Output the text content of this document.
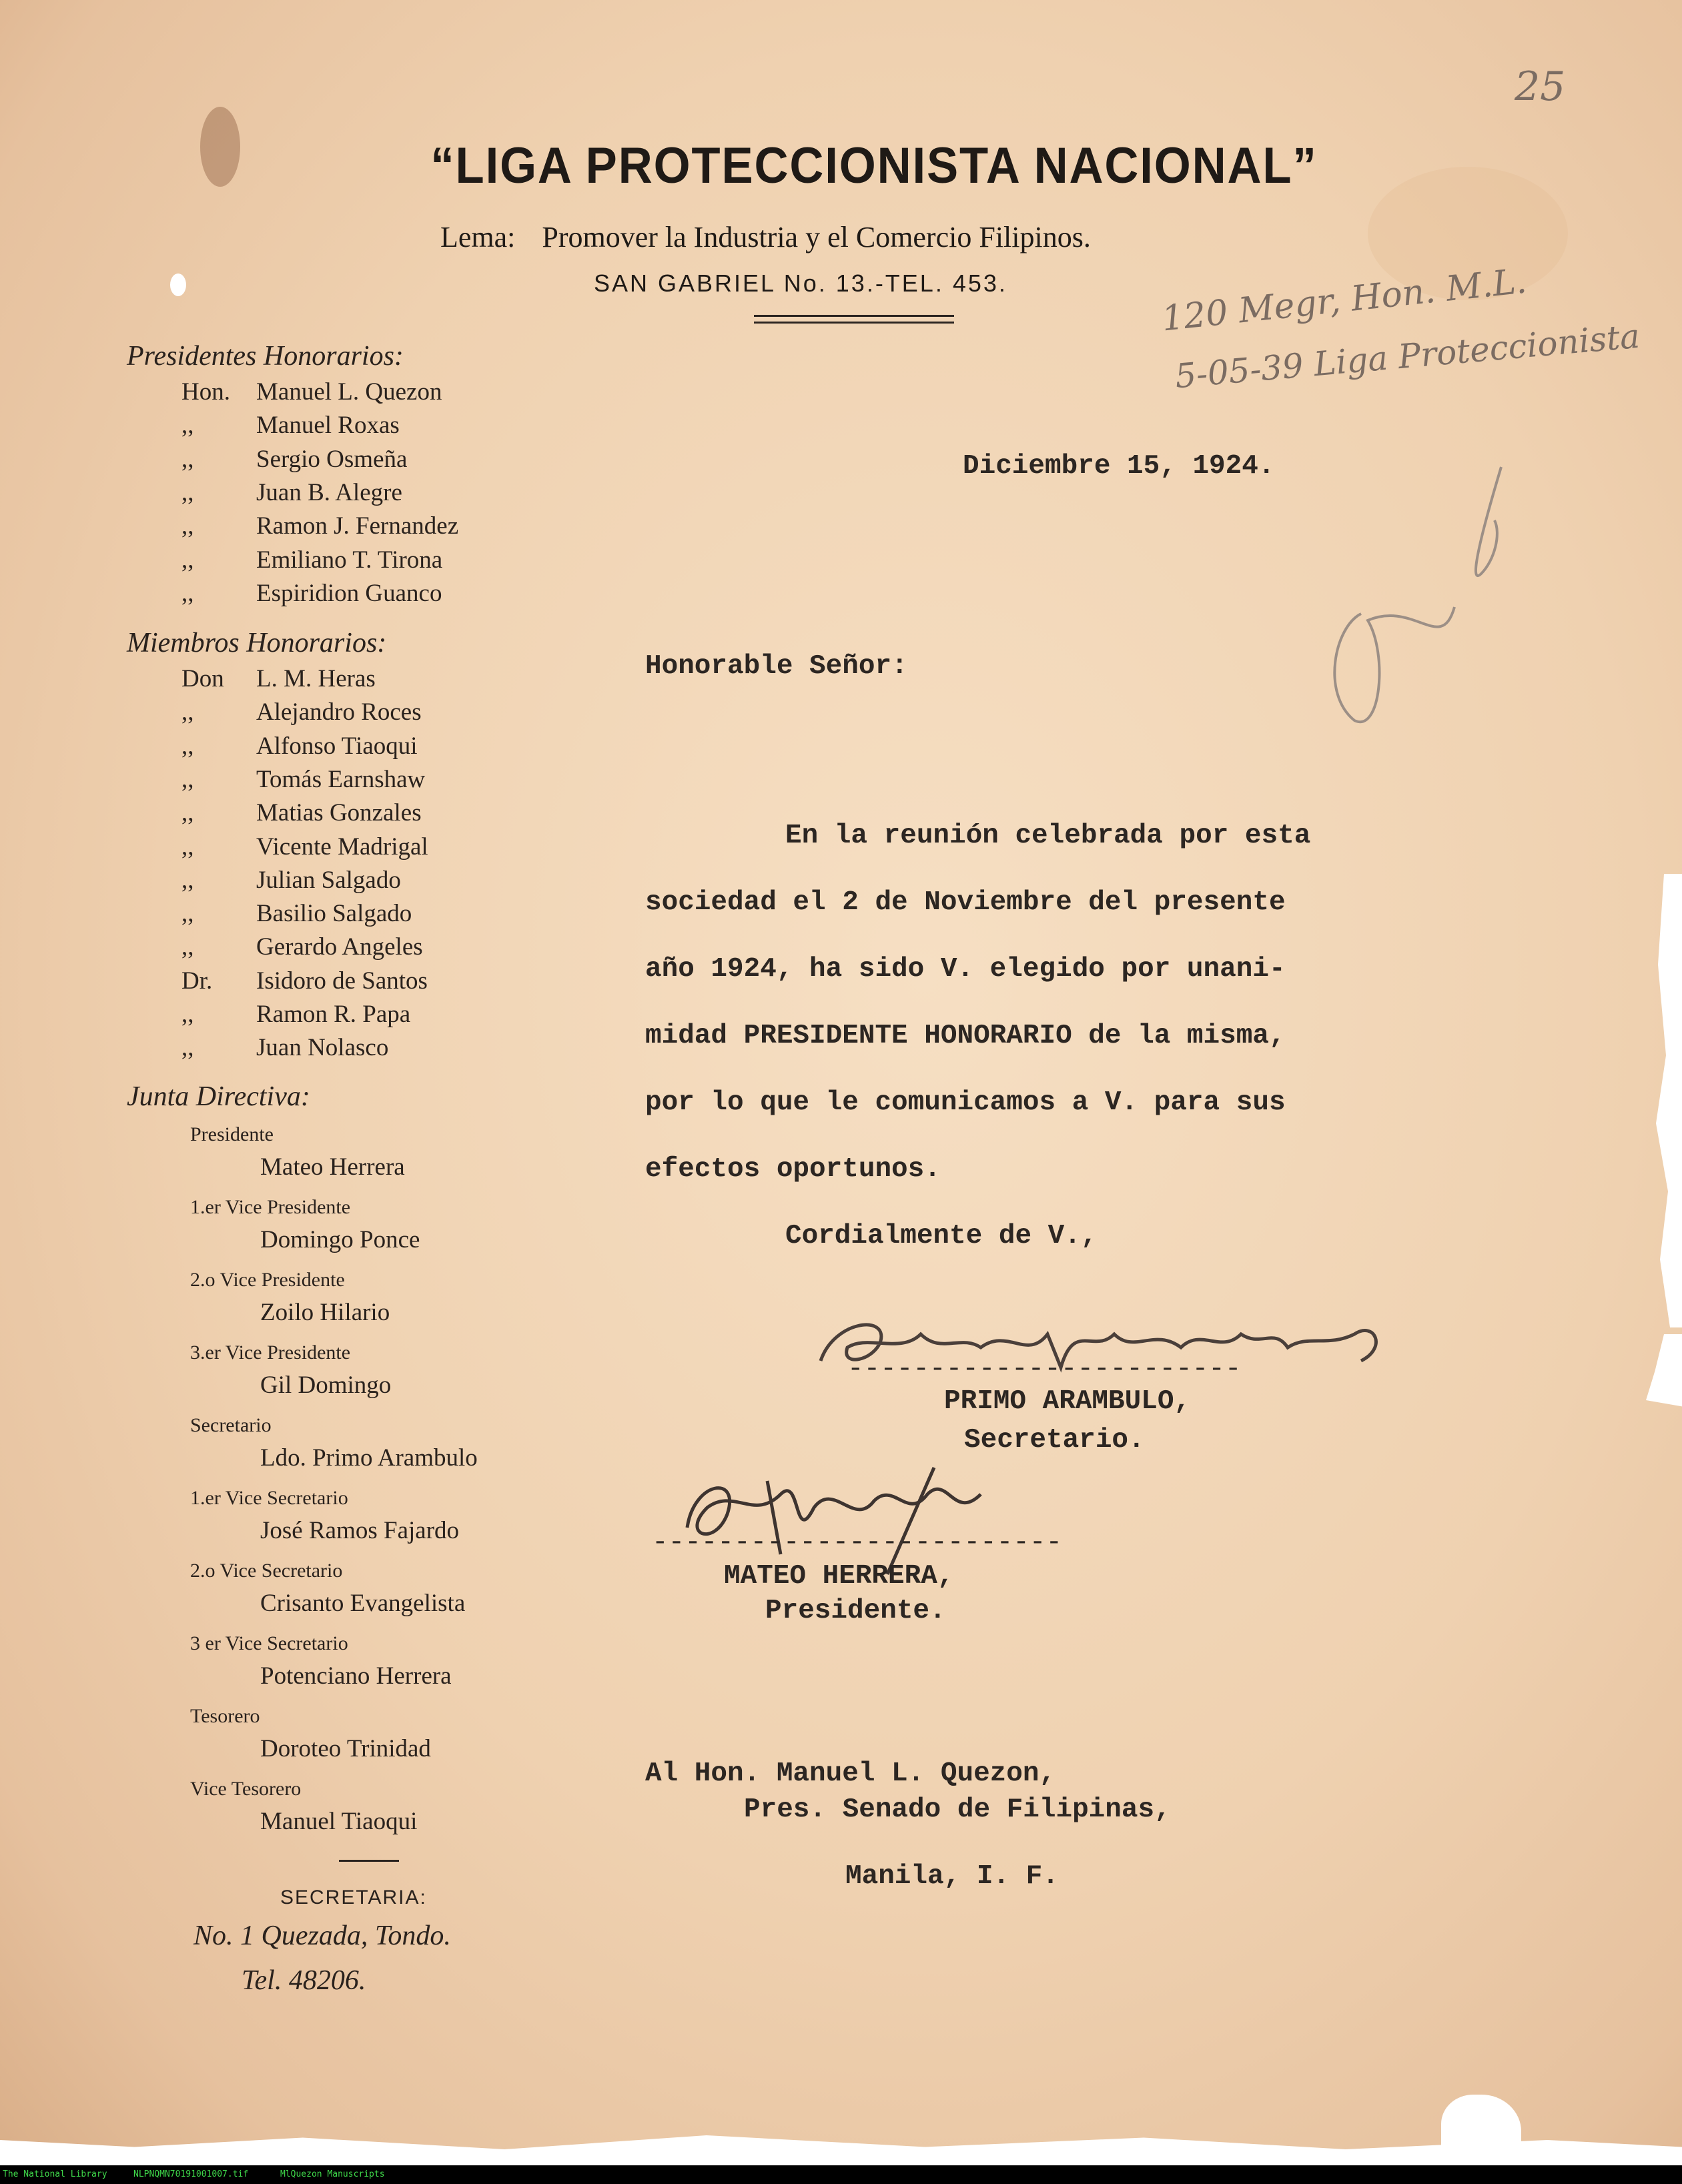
25
120 Megr, Hon. M.L.
5-05-39 Liga Proteccionista
“LIGA PROTECCIONISTA NACIONAL”
Lema: Promover la Industria y el Comercio Filipinos.
SAN GABRIEL No. 13.-TEL. 453.
Presidentes Honorarios:
Hon.	Manuel L. Quezon
,,	Manuel Roxas
,,	Sergio Osmeña
,,	Juan B. Alegre
,,	Ramon J. Fernandez
,,	Emiliano T. Tirona
,,	Espiridion Guanco
Miembros Honorarios:
Don	L. M. Heras
,,	Alejandro Roces
,,	Alfonso Tiaoqui
,,	Tomás Earnshaw
,,	Matias Gonzales
,,	Vicente Madrigal
,,	Julian Salgado
,,	Basilio Salgado
,,	Gerardo Angeles
Dr.	Isidoro de Santos
,,	Ramon R. Papa
,,	Juan Nolasco
Junta Directiva:
Presidente
Mateo Herrera
1.er Vice Presidente
Domingo Ponce
2.o Vice Presidente
Zoilo Hilario
3.er Vice Presidente
Gil Domingo
Secretario
Ldo. Primo Arambulo
1.er Vice Secretario
José Ramos Fajardo
2.o Vice Secretario
Crisanto Evangelista
3 er Vice Secretario
Potenciano Herrera
Tesorero
Doroteo Trinidad
Vice Tesorero
Manuel Tiaoqui
SECRETARIA:
No. 1 Quezada, Tondo.
Tel. 48206.
Diciembre 15, 1924.
Honorable Señor:
En la reunión celebrada por esta
sociedad el 2 de Noviembre del presente
año 1924, ha sido V. elegido por unani-
midad PRESIDENTE HONORARIO de la misma,
por lo que le comunicamos a V. para sus
efectos oportunos.
Cordialmente de V.,
------------------------
PRIMO ARAMBULO,
Secretario.
-------------------------
MATEO HERRERA,
Presidente.
Al Hon. Manuel L. Quezon,
Pres. Senado de Filipinas,
Manila, I. F.
The National Library	NLPNQMN70191001007.tif	MlQuezon Manuscripts
